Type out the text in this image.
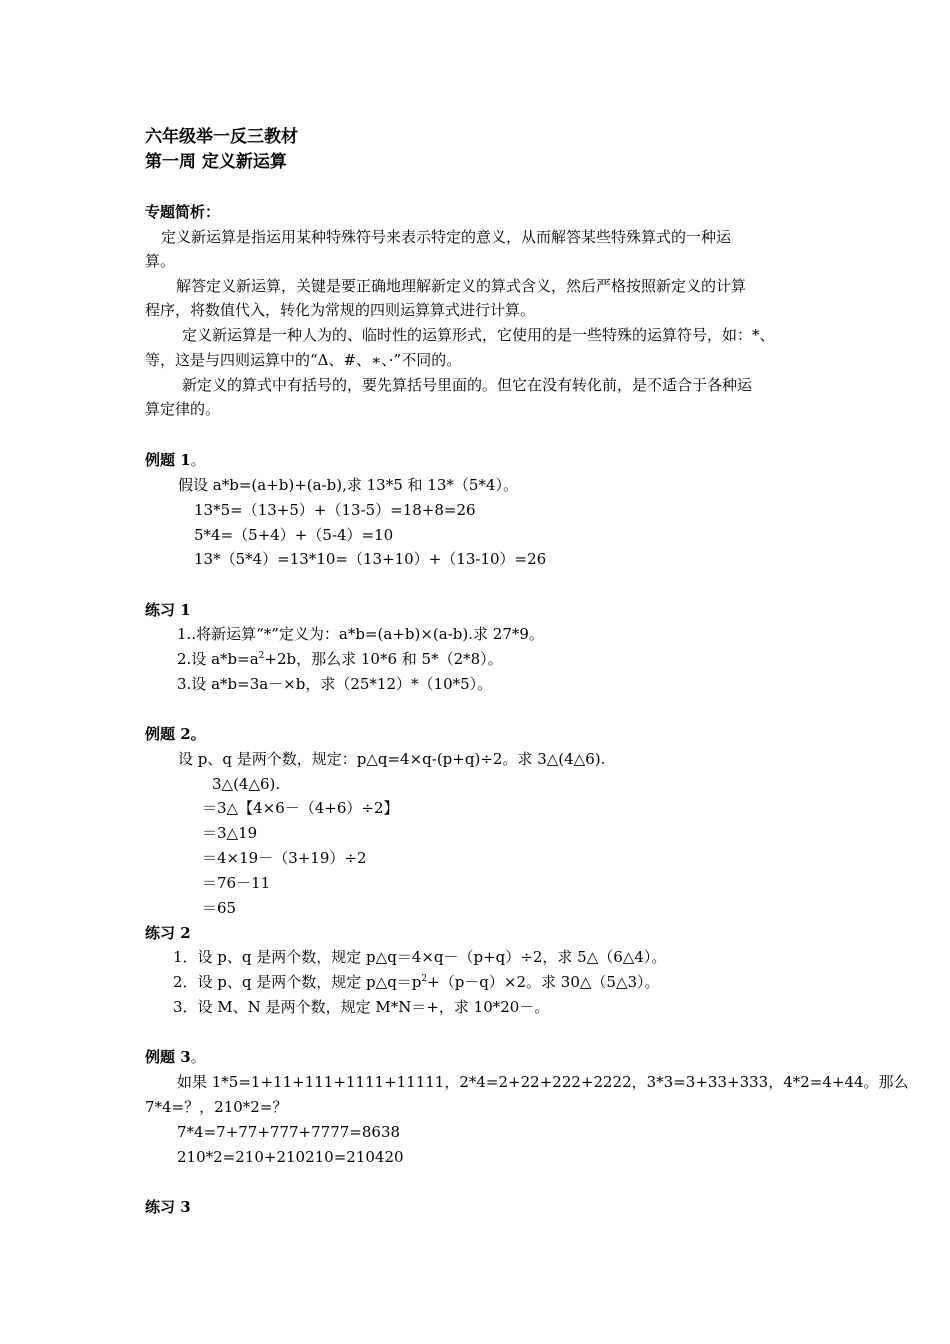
六年级举一反三教材
第一周 定义新运算
专题简析：
定义新运算是指运用某种特殊符号来表示特定的意义，从而解答某些特殊算式的一种运
算。
解答定义新运算，关键是要正确地理解新定义的算式含义，然后严格按照新定义的计算
程序，将数值代入，转化为常规的四则运算算式进行计算。
定义新运算是一种人为的、临时性的运算形式，它使用的是一些特殊的运算符号，如：*、
等，这是与四则运算中的“Δ、#、∗、·”不同的。
新定义的算式中有括号的，要先算括号里面的。但它在没有转化前，是不适合于各种运
算定律的。
例题 1。
假设 a*b=(a+b)+(a-b),求 13*5 和 13*（5*4）。
13*5=（13+5）+（13-5）=18+8=26
5*4=（5+4）+（5-4）=10
13*（5*4）=13*10=（13+10）+（13-10）=26
练习 1
1..将新运算“*”定义为：a*b=(a+b)×(a-b).求 27*9。
2.设 $a*b=a^2+2b$，那么求 10*6 和 5*（2*8）。
3.设 a*b=3a－×b，求（25*12）*（10*5）。
例题 2。
设 p、q 是两个数，规定：p△q=4×q-(p+q)÷2。求 3△(4△6).
3△(4△6).
＝3△【4×6－（4+6）÷2】
＝3△19
＝4×19－（3+19）÷2
＝76－11
＝65
练习 2
1．设 p、q 是两个数，规定 p△q＝4×q－（p+q）÷2，求 5△（6△4）。
2．设 p、q 是两个数，规定 $p\triangle q=p^2+(p-q)\times 2$。求 30△（5△3）。
3．设 M、N 是两个数，规定 M*N＝+，求 10*20－。
例题 3。
如果 1*5=1+11+111+1111+11111，2*4=2+22+222+2222，3*3=3+33+333，4*2=4+44。那么
7*4=？，210*2=？
7*4=7+77+777+7777=8638
210*2=210+210210=210420
练习 3
